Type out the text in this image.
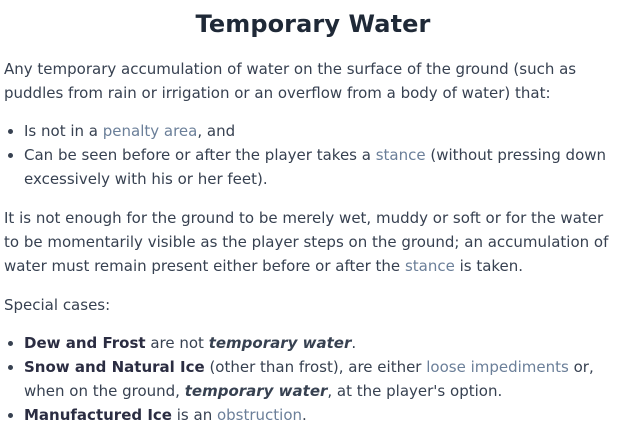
Temporary Water

Any temporary accumulation of water on the surface of the ground (such as puddles from rain or irrigation or an overflow from a body of water) that:

• Is not in a penalty area, and
• Can be seen before or after the player takes a stance (without pressing down excessively with his or her feet).

It is not enough for the ground to be merely wet, muddy or soft or for the water to be momentarily visible as the player steps on the ground; an accumulation of water must remain present either before or after the stance is taken.

Special cases:

• Dew and Frost are not temporary water.
• Snow and Natural Ice (other than frost), are either loose impediments or, when on the ground, temporary water, at the player's option.
• Manufactured Ice is an obstruction.
